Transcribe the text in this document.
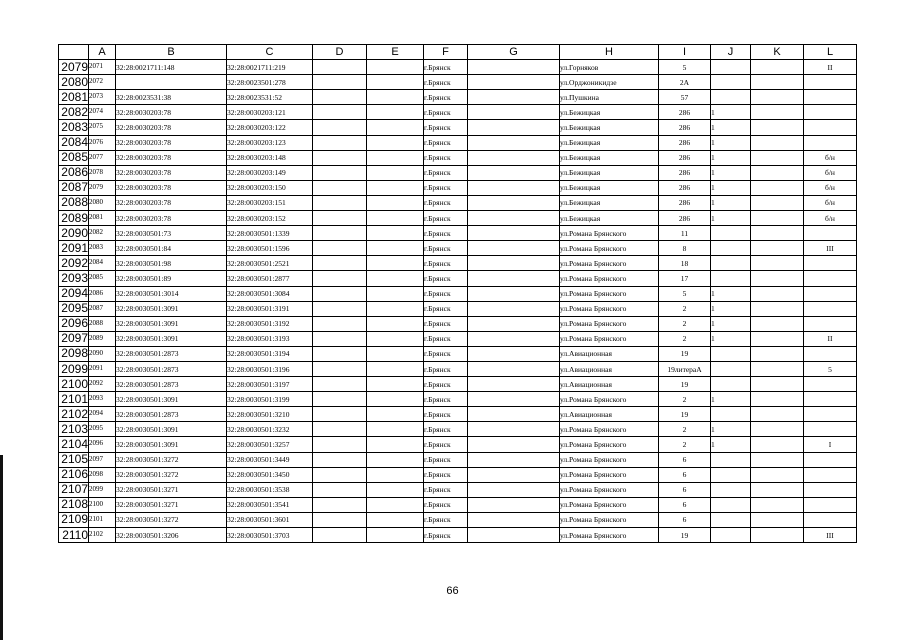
	A	B	C	D	E	F	G	H	I	J	K	L
2079	2071	32:28:0021711:148	32:28:0021711:219			г.Брянск		ул.Горняков	5			II
2080	2072		32:28:0023501:278			г.Брянск		ул.Орджоникидзе	2А			
2081	2073	32:28:0023531:38	32:28:0023531:52			г.Брянск		ул.Пушкина	57			
2082	2074	32:28:0030203:78	32:28:0030203:121			г.Брянск		ул.Бежицкая	286	1		
2083	2075	32:28:0030203:78	32:28:0030203:122			г.Брянск		ул.Бежицкая	286	1		
2084	2076	32:28:0030203:78	32:28:0030203:123			г.Брянск		ул.Бежицкая	286	1		
2085	2077	32:28:0030203:78	32:28:0030203:148			г.Брянск		ул.Бежицкая	286	1		б/н
2086	2078	32:28:0030203:78	32:28:0030203:149			г.Брянск		ул.Бежицкая	286	1		б/н
2087	2079	32:28:0030203:78	32:28:0030203:150			г.Брянск		ул.Бежицкая	286	1		б/н
2088	2080	32:28:0030203:78	32:28:0030203:151			г.Брянск		ул.Бежицкая	286	1		б/н
2089	2081	32:28:0030203:78	32:28:0030203:152			г.Брянск		ул.Бежицкая	286	1		б/н
2090	2082	32:28:0030501:73	32:28:0030501:1339			г.Брянск		ул.Романа Брянского	11			
2091	2083	32:28:0030501:84	32:28:0030501:1596			г.Брянск		ул.Романа Брянского	8			III
2092	2084	32:28:0030501:98	32:28:0030501:2521			г.Брянск		ул.Романа Брянского	18			
2093	2085	32:28:0030501:89	32:28:0030501:2877			г.Брянск		ул.Романа Брянского	17			
2094	2086	32:28:0030501:3014	32:28:0030501:3084			г.Брянск		ул.Романа Брянского	5	1		
2095	2087	32:28:0030501:3091	32:28:0030501:3191			г.Брянск		ул.Романа Брянского	2	1		
2096	2088	32:28:0030501:3091	32:28:0030501:3192			г.Брянск		ул.Романа Брянского	2	1		
2097	2089	32:28:0030501:3091	32:28:0030501:3193			г.Брянск		ул.Романа Брянского	2	1		II
2098	2090	32:28:0030501:2873	32:28:0030501:3194			г.Брянск		ул.Авиационная	19			
2099	2091	32:28:0030501:2873	32:28:0030501:3196			г.Брянск		ул.Авиационная	19литераА			5
2100	2092	32:28:0030501:2873	32:28:0030501:3197			г.Брянск		ул.Авиационная	19			
2101	2093	32:28:0030501:3091	32:28:0030501:3199			г.Брянск		ул.Романа Брянского	2	1		
2102	2094	32:28:0030501:2873	32:28:0030501:3210			г.Брянск		ул.Авиационная	19			
2103	2095	32:28:0030501:3091	32:28:0030501:3232			г.Брянск		ул.Романа Брянского	2	1		
2104	2096	32:28:0030501:3091	32:28:0030501:3257			г.Брянск		ул.Романа Брянского	2	1		I
2105	2097	32:28:0030501:3272	32:28:0030501:3449			г.Брянск		ул.Романа Брянского	6			
2106	2098	32:28:0030501:3272	32:28:0030501:3450			г.Брянск		ул.Романа Брянского	6			
2107	2099	32:28:0030501:3271	32:28:0030501:3538			г.Брянск		ул.Романа Брянского	6			
2108	2100	32:28:0030501:3271	32:28:0030501:3541			г.Брянск		ул.Романа Брянского	6			
2109	2101	32:28:0030501:3272	32:28:0030501:3601			г.Брянск		ул.Романа Брянского	6			
2110	2102	32:28:0030501:3206	32:28:0030501:3703			г.Брянск		ул.Романа Брянского	19			III
66
